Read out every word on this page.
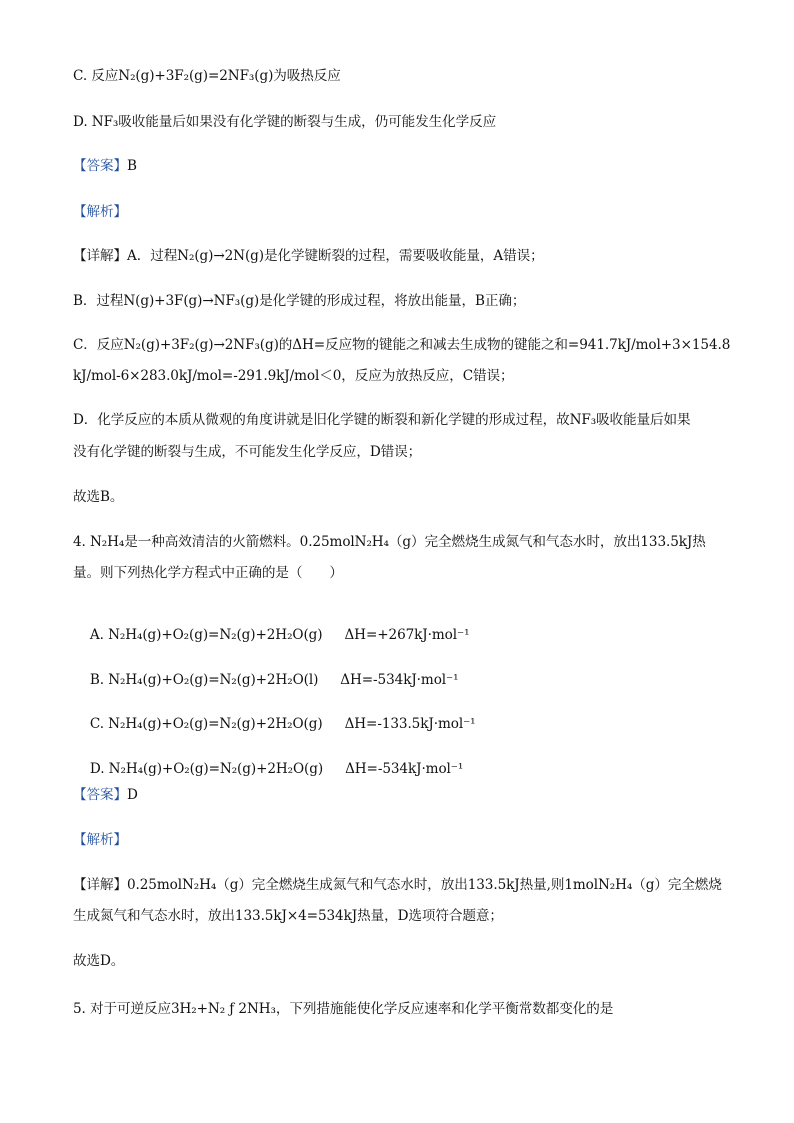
C. 反应N₂(g)+3F₂(g)=2NF₃(g)为吸热反应
D. NF₃吸收能量后如果没有化学键的断裂与生成，仍可能发生化学反应
【答案】B
【解析】
【详解】A．过程N₂(g)→2N(g)是化学键断裂的过程，需要吸收能量，A错误；
B．过程N(g)+3F(g)→NF₃(g)是化学键的形成过程，将放出能量，B正确；
C．反应N₂(g)+3F₂(g)→2NF₃(g)的ΔH=反应物的键能之和减去生成物的键能之和=941.7kJ/mol+3×154.8
kJ/mol-6×283.0kJ/mol=-291.9kJ/mol＜0，反应为放热反应，C错误；
D．化学反应的本质从微观的角度讲就是旧化学键的断裂和新化学键的形成过程，故NF₃吸收能量后如果
没有化学键的断裂与生成，不可能发生化学反应，D错误；
故选B。
4. N₂H₄是一种高效清洁的火箭燃料。0.25molN₂H₄（g）完全燃烧生成氮气和气态水时，放出133.5kJ热
量。则下列热化学方程式中正确的是（　　）

A. N₂H₄(g)+O₂(g)=N₂(g)+2H₂O(g) ΔH=+267kJ·mol⁻¹

B. N₂H₄(g)+O₂(g)=N₂(g)+2H₂O(l) ΔH=-534kJ·mol⁻¹

C. N₂H₄(g)+O₂(g)=N₂(g)+2H₂O(g) ΔH=-133.5kJ·mol⁻¹

D. N₂H₄(g)+O₂(g)=N₂(g)+2H₂O(g) ΔH=-534kJ·mol⁻¹

【答案】D
【解析】
【详解】0.25molN₂H₄（g）完全燃烧生成氮气和气态水时，放出133.5kJ热量,则1molN₂H₄（g）完全燃烧
生成氮气和气态水时，放出133.5kJ×4=534kJ热量，D选项符合题意；
故选D。
5. 对于可逆反应3H₂+N₂ ƒ 2NH₃，下列措施能使化学反应速率和化学平衡常数都变化的是
